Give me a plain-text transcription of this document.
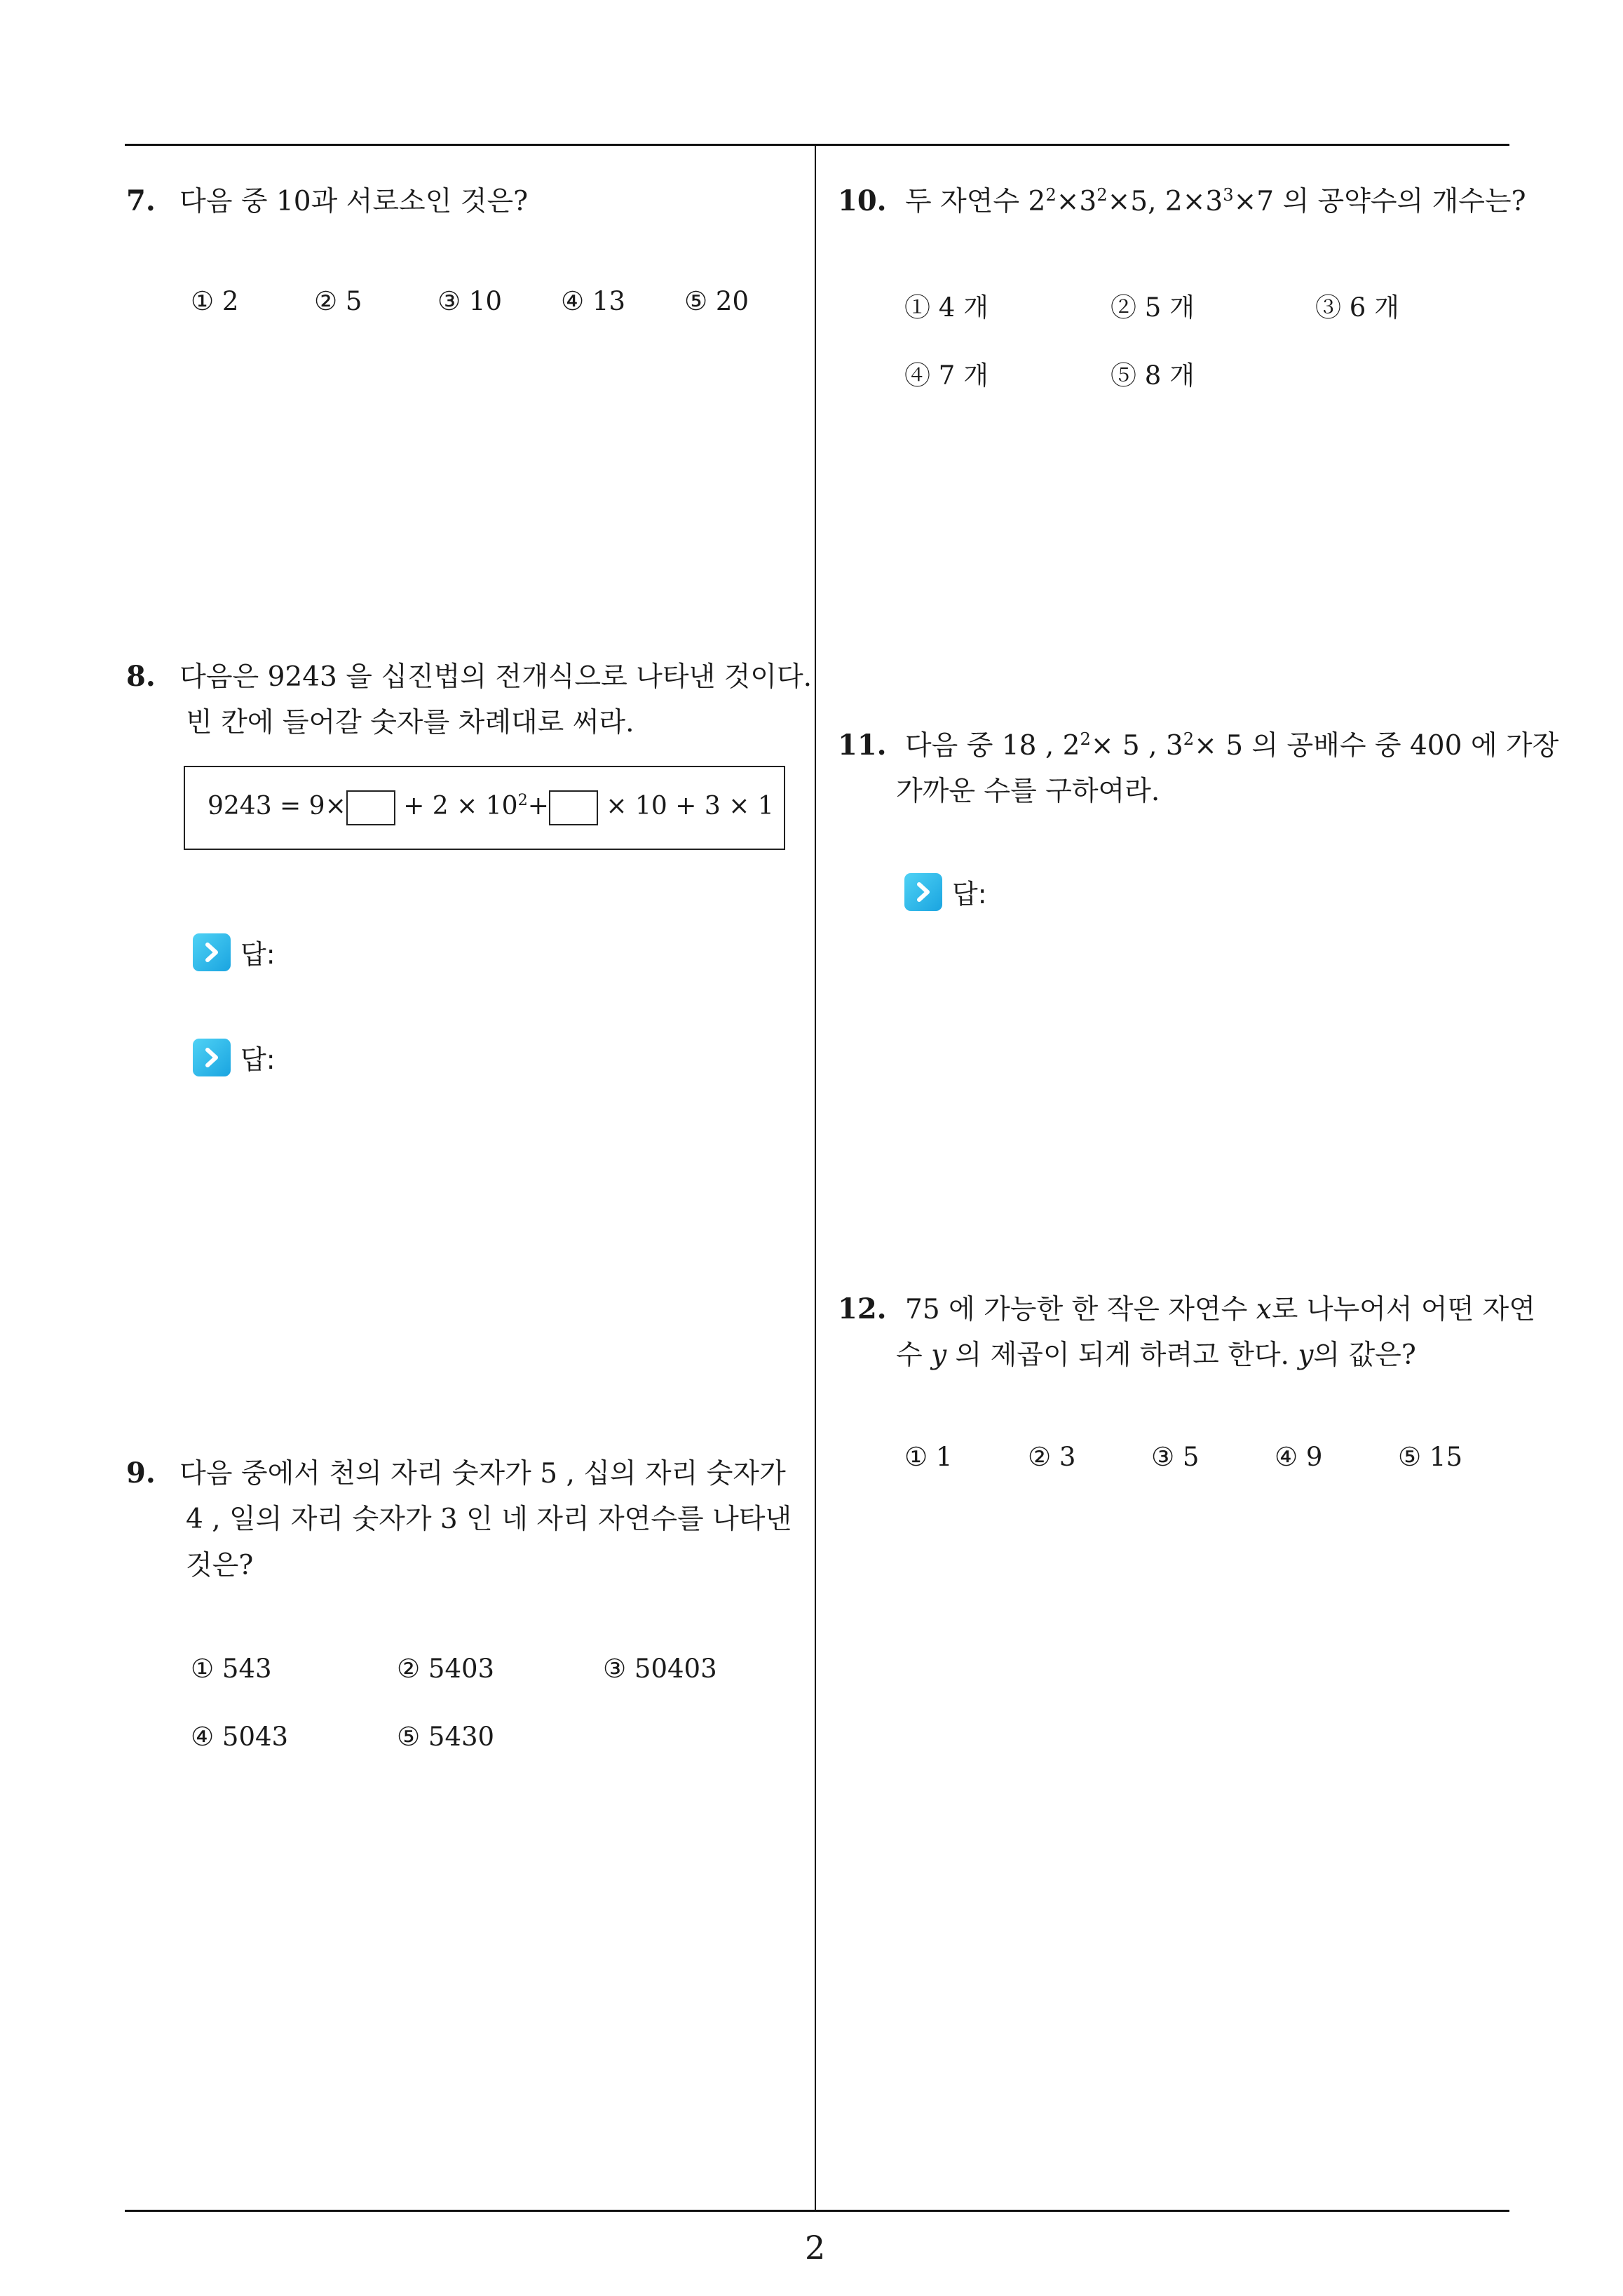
7. 다음 중 10과 서로소인 것은?
① 2	② 5	③ 10 ④ 13 ⑤ 20
8. 다음은 9243 을 십진법의 전개식으로 나타낸 것이다.
빈 칸에 들어갈 숫자를 차례대로 써라.
$9243 = 9\times + 2 \times 10^2+ \times 10 + 3 \times 1$
답:
답:
9. 다음 중에서 천의 자리 숫자가 5 , 십의 자리 숫자가
4 , 일의 자리 숫자가 3 인 네 자리 자연수를 나타낸
것은?
① 543	② 5403	③ 50403
④ 5043	⑤ 5430
10. 두 자연수 $2^2\times 3^2\times 5$, $2\times 3^3\times 7$ 의 공약수의 개수는?
① 4 개	② 5 개	③ 6 개
④ 7 개	⑤ 8 개
11. 다음 중 18 , $2^2\times 5$ , $3^2\times 5$ 의 공배수 중 400 에 가장
가까운 수를 구하여라.
답:
12. 75 에 가능한 한 작은 자연수 x로 나누어서 어떤 자연
수 y 의 제곱이 되게 하려고 한다. y의 값은?
① 1	② 3	③ 5	④ 9	⑤ 15
2
